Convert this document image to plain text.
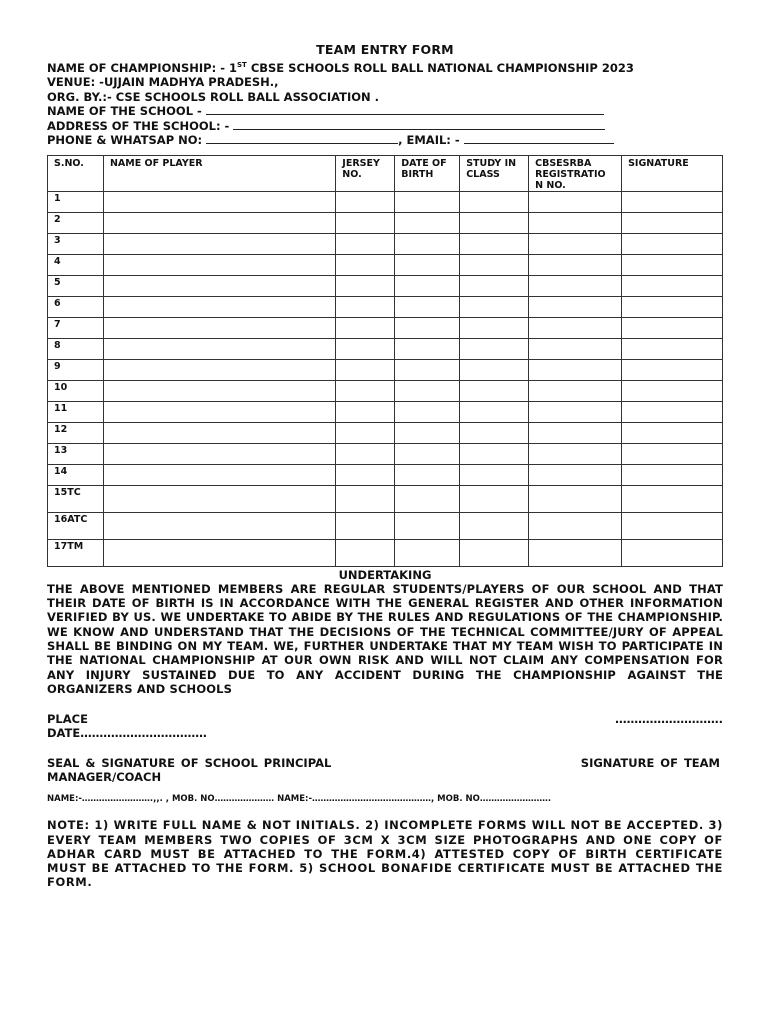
TEAM ENTRY FORM
NAME OF CHAMPIONSHIP: - 1ST CBSE SCHOOLS ROLL BALL NATIONAL CHAMPIONSHIP 2023
VENUE: -UJJAIN MADHYA PRADESH.,
ORG. BY.:- CSE SCHOOLS ROLL BALL ASSOCIATION .
NAME OF THE SCHOOL -
ADDRESS OF THE SCHOOL: -
PHONE & WHATSAP NO:	, EMAIL: -
S.NO.	NAME OF PLAYER	JERSEY NO.	DATE OF BIRTH	STUDY IN CLASS	CBSESRBA REGISTRATIO N NO.	SIGNATURE
1						
2						
3						
4						
5						
6						
7						
8						
9						
10						
11						
12						
13						
14						
15TC						
16ATC						
17TM						
UNDERTAKING
THE ABOVE MENTIONED MEMBERS ARE REGULAR STUDENTS/PLAYERS OF OUR SCHOOL AND THAT THEIR DATE OF BIRTH IS IN ACCORDANCE WITH THE GENERAL REGISTER AND OTHER INFORMATION VERIFIED BY US. WE UNDERTAKE TO ABIDE BY THE RULES AND REGULATIONS OF THE CHAMPIONSHIP. WE KNOW AND UNDERSTAND THAT THE DECISIONS OF THE TECHNICAL COMMITTEE/JURY OF APPEAL SHALL BE BINDING ON MY TEAM. WE, FURTHER UNDERTAKE THAT MY TEAM WISH TO PARTICIPATE IN THE NATIONAL CHAMPIONSHIP AT OUR OWN RISK AND WILL NOT CLAIM ANY COMPENSATION FOR ANY INJURY SUSTAINED DUE TO ANY ACCIDENT DURING THE CHAMPIONSHIP AGAINST THE ORGANIZERS AND SCHOOLS
PLACE	……………………….
DATE……………………………
SEAL & SIGNATURE OF SCHOOL PRINCIPAL	SIGNATURE OF TEAM
MANAGER/COACH
NAME:-…………………….,,. , MOB. NO………………… NAME:-……………………………………, MOB. NO…………………….
NOTE: 1) WRITE FULL NAME & NOT INITIALS. 2) INCOMPLETE FORMS WILL NOT BE ACCEPTED. 3) EVERY TEAM MEMBERS TWO COPIES OF 3CM X 3CM SIZE PHOTOGRAPHS AND ONE COPY OF ADHAR CARD MUST BE ATTACHED TO THE FORM.4) ATTESTED COPY OF BIRTH CERTIFICATE MUST BE ATTACHED TO THE FORM. 5) SCHOOL BONAFIDE CERTIFICATE MUST BE ATTACHED THE FORM.
